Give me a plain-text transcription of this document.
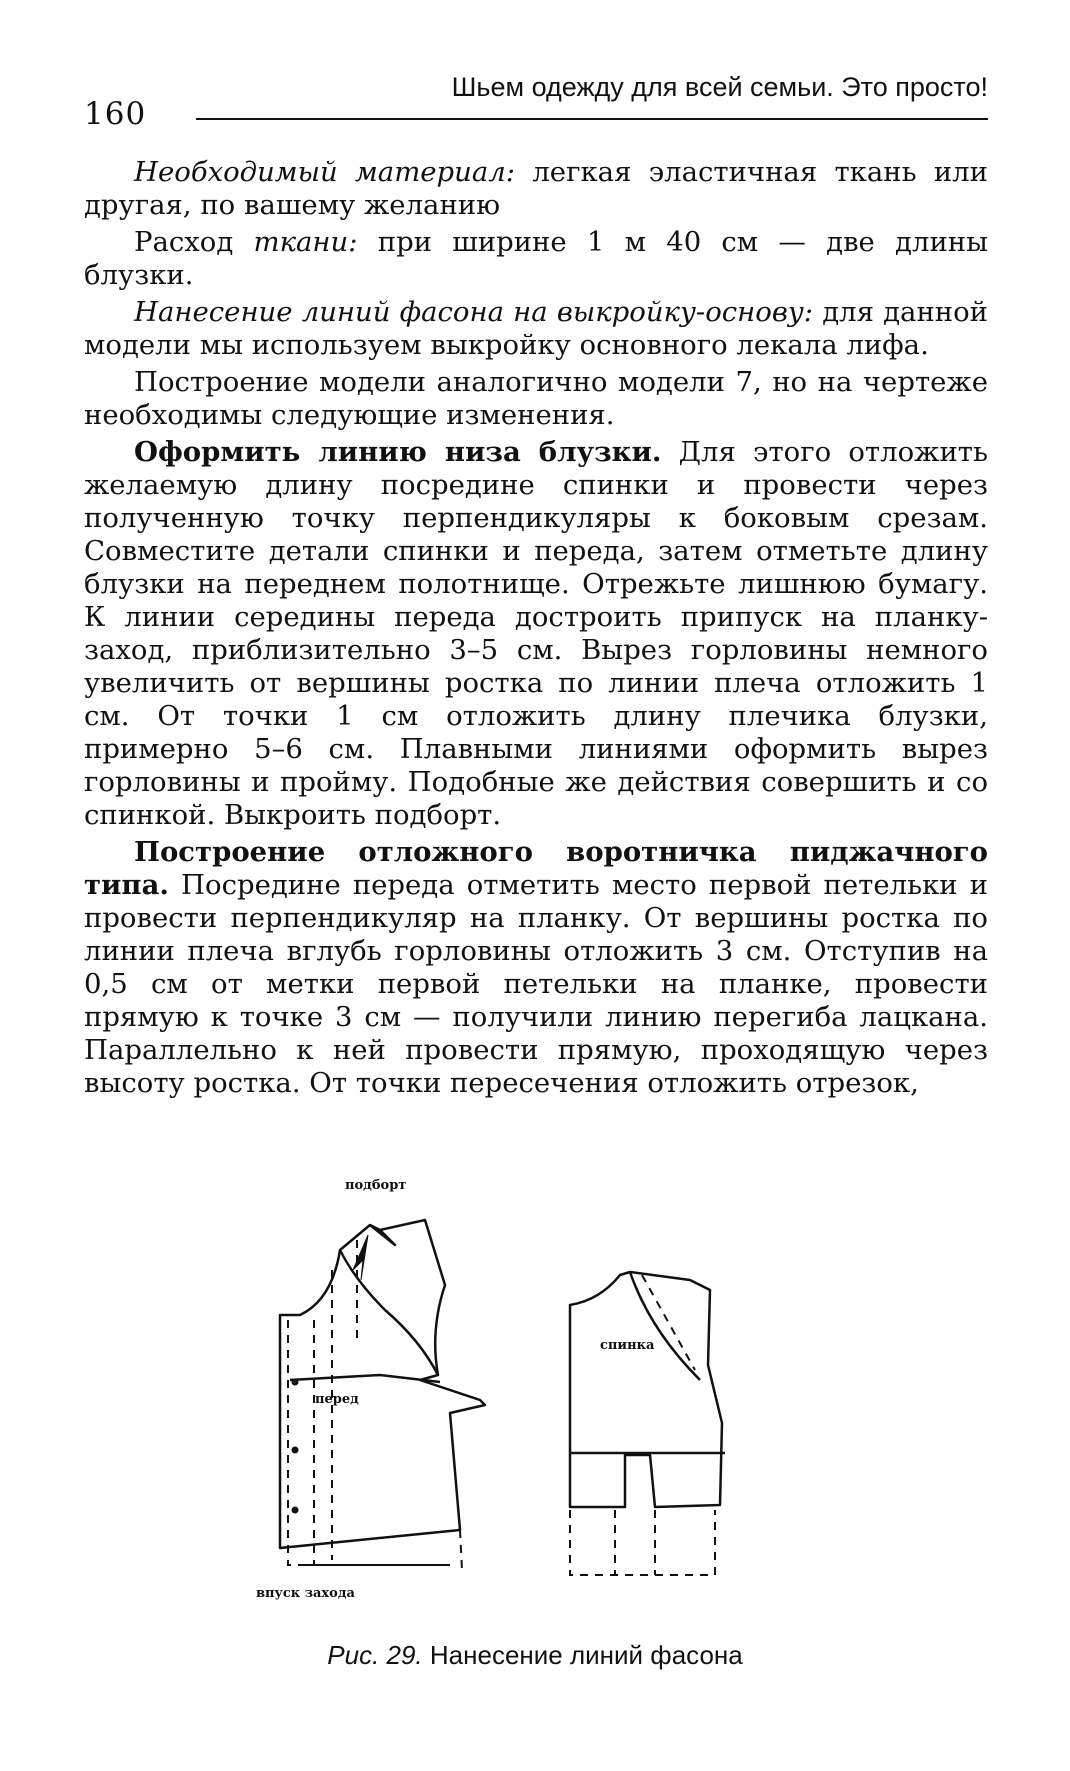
160
Шьем одежду для всей семьи. Это просто!

Необходимый материал: легкая эластичная ткань или другая, по вашему желанию

Расход ткани: при ширине 1 м 40 см — две длины блузки.

Нанесение линий фасона на выкройку-основу: для данной модели мы используем выкройку основного лекала лифа.

Построение модели аналогично модели 7, но на чертеже необходимы следующие изменения.

Оформить линию низа блузки. Для этого отложить желаемую длину посредине спинки и провести через полученную точку перпендикуляры к боковым срезам. Совместите детали спинки и переда, затем отметьте длину блузки на переднем полотнище. Отрежьте лишнюю бумагу. К линии середины переда достроить припуск на планку-заход, приблизительно 3–5 см. Вырез горловины немного увеличить от вершины ростка по линии плеча отложить 1 см. От точки 1 см отложить длину плечика блузки, примерно 5–6 см. Плавными линиями оформить вырез горловины и пройму. Подобные же действия совершить и со спинкой. Выкроить подборт.

Построение отложного воротничка пиджачного типа. Посредине переда отметить место первой петельки и провести перпендикуляр на планку. От вершины ростка по линии плеча вглубь горловины отложить 3 см. Отступив на 0,5 см от метки первой петельки на планке, провести прямую к точке 3 см — получили линию перегиба лацкана. Параллельно к ней провести прямую, проходящую через высоту ростка. От точки пересечения отложить отрезок,

подборт
перед
спинка
впуск захода
Рис. 29. Нанесение линий фасона
